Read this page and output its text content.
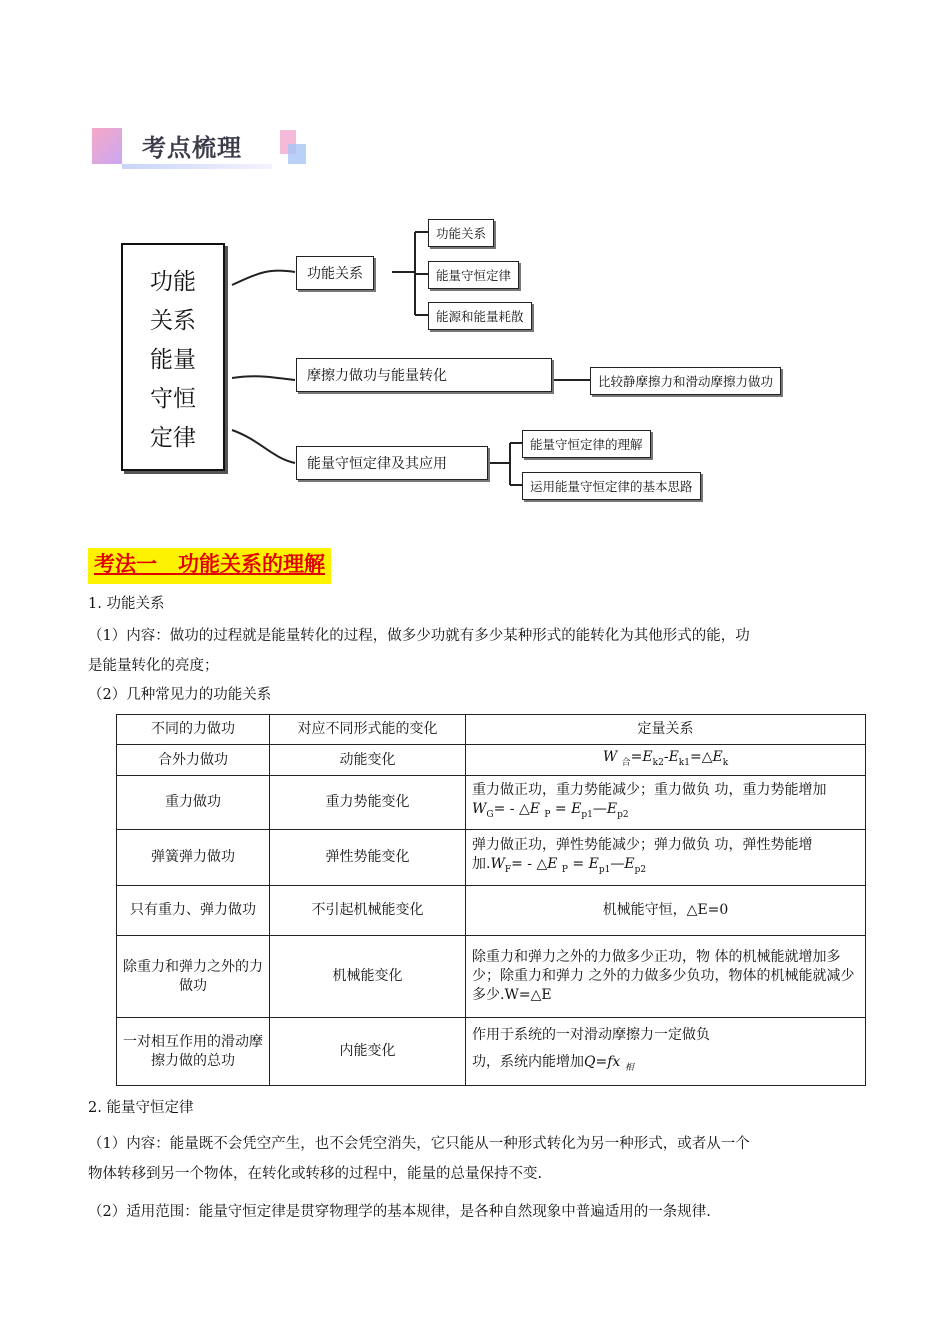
考点梳理
功能
关系
能量
守恒
定律
功能关系
摩擦力做功与能量转化
能量守恒定律及其应用
功能关系
能量守恒定律
能源和能量耗散
比较静摩擦力和滑动摩擦力做功
能量守恒定律的理解
运用能量守恒定律的基本思路
考法一　功能关系的理解
1. 功能关系
（1）内容：做功的过程就是能量转化的过程，做多少功就有多少某种形式的能转化为其他形式的能，功
是能量转化的亮度；
（2）几种常见力的功能关系
不同的力做功	对应不同形式能的变化	定量关系
合外力做功	动能变化	W $_合=E_{k2}-E_{k1}=\triangle E_k$
重力做功	重力势能变化	重力做正功，重力势能减少；重力做负 功，重力势能增加$W_G=$ - △E $_P = E_{p1}—E_{p2}$
弹簧弹力做功	弹性势能变化	弹力做正功，弹性势能减少；弹力做负 功，弹性势能增加$.W_F=$ - △E $_P = E_{p1}—E_{p2}$
只有重力、弹力做功	不引起机械能变化	机械能守恒，△E=0
除重力和弹力之外的力做功	机械能变化	除重力和弹力之外的力做多少正功，物 体的机械能就增加多少；除重力和弹力 之外的力做多少负功，物体的机械能就减少多少.W=△E
一对相互作用的滑动摩擦力做的总功	内能变化	作用于系统的一对滑动摩擦力一定做负
功，系统内能增加Q=fx $_相$
2. 能量守恒定律
（1）内容：能量既不会凭空产生，也不会凭空消失，它只能从一种形式转化为另一种形式，或者从一个
物体转移到另一个物体，在转化或转移的过程中，能量的总量保持不变.
（2）适用范围：能量守恒定律是贯穿物理学的基本规律，是各种自然现象中普遍适用的一条规律.
